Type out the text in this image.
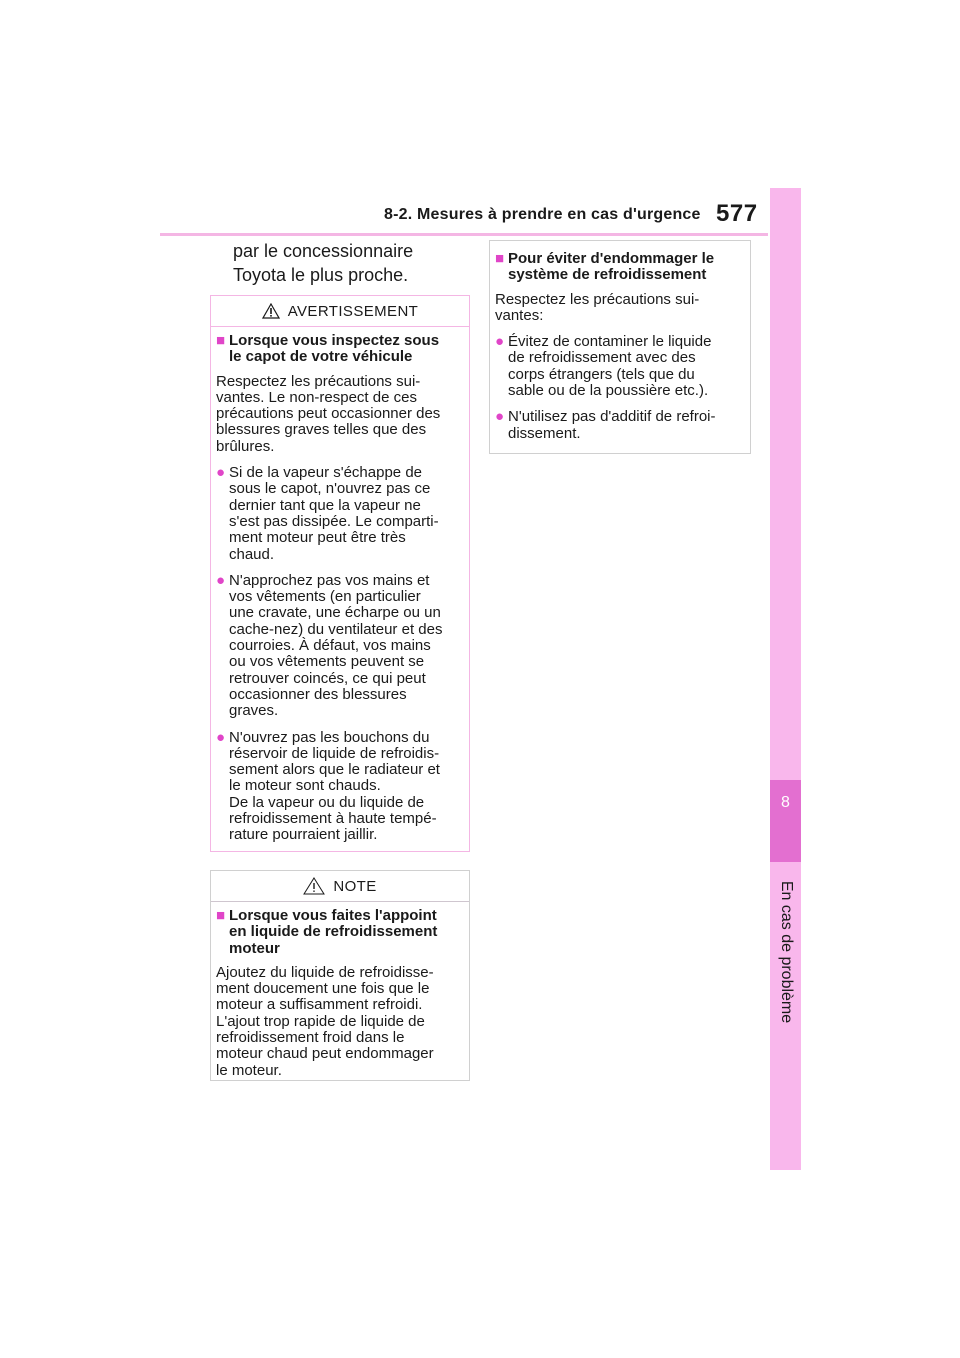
8-2. Mesures à prendre en cas d'urgence 577
8
En cas de problème
par le concessionnaire
Toyota le plus proche.
AVERTISSEMENT
■ Lorsque vous inspectez sous
le capot de votre véhicule
Respectez les précautions sui-
vantes. Le non-respect de ces
précautions peut occasionner des
blessures graves telles que des
brûlures.
● Si de la vapeur s'échappe de
sous le capot, n'ouvrez pas ce
dernier tant que la vapeur ne
s'est pas dissipée. Le comparti-
ment moteur peut être très
chaud.
● N'approchez pas vos mains et
vos vêtements (en particulier
une cravate, une écharpe ou un
cache-nez) du ventilateur et des
courroies. À défaut, vos mains
ou vos vêtements peuvent se
retrouver coincés, ce qui peut
occasionner des blessures
graves.
● N'ouvrez pas les bouchons du
réservoir de liquide de refroidis-
sement alors que le radiateur et
le moteur sont chauds.
De la vapeur ou du liquide de
refroidissement à haute tempé-
rature pourraient jaillir.
NOTE
■ Lorsque vous faites l'appoint
en liquide de refroidissement
moteur
Ajoutez du liquide de refroidisse-
ment doucement une fois que le
moteur a suffisamment refroidi.
L'ajout trop rapide de liquide de
refroidissement froid dans le
moteur chaud peut endommager
le moteur.
■ Pour éviter d'endommager le
système de refroidissement
Respectez les précautions sui-
vantes:
● Évitez de contaminer le liquide
de refroidissement avec des
corps étrangers (tels que du
sable ou de la poussière etc.).
● N'utilisez pas d'additif de refroi-
dissement.
